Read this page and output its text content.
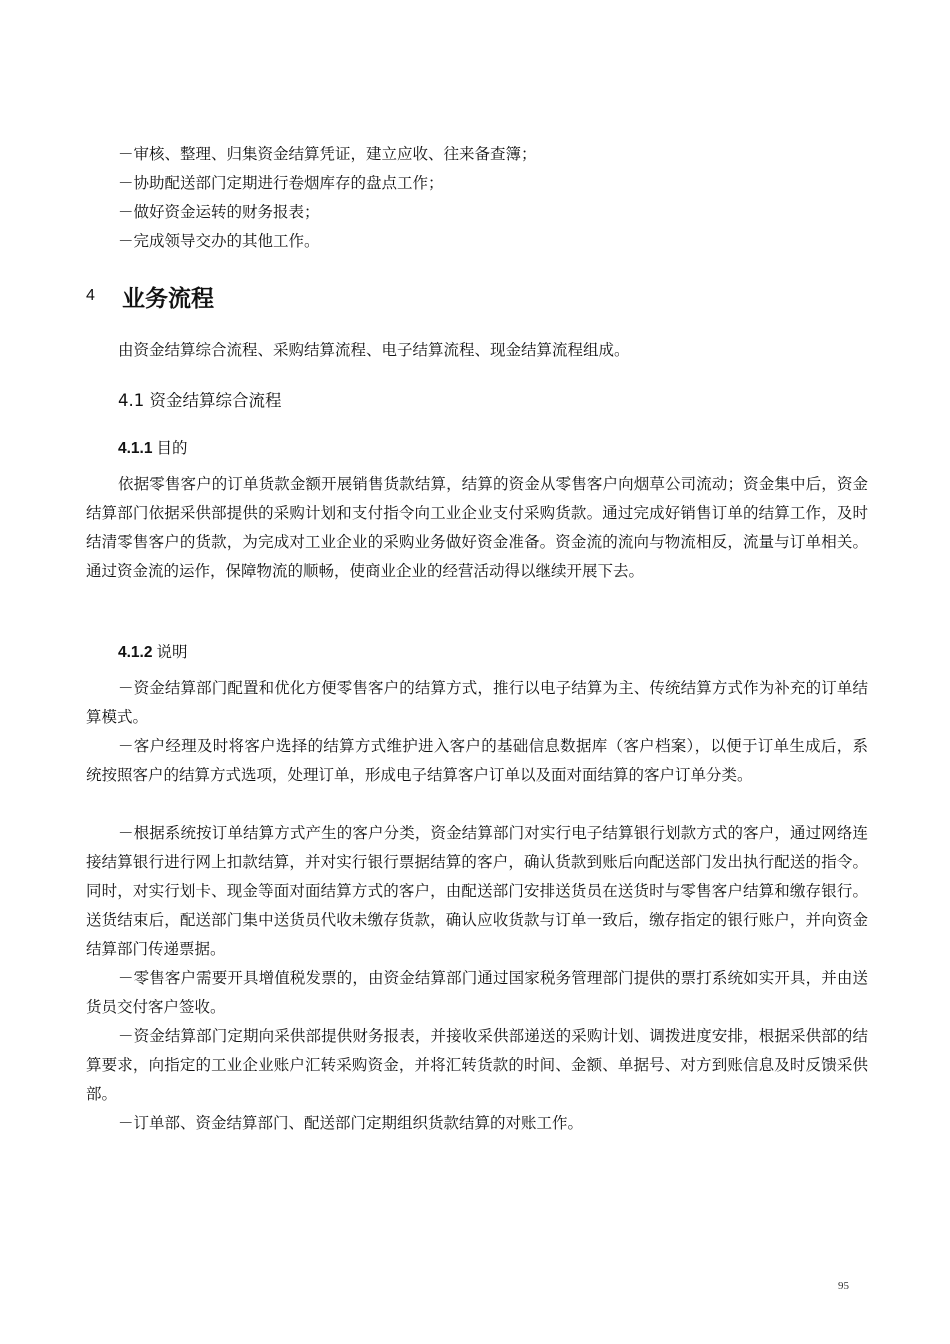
－审核、整理、归集资金结算凭证，建立应收、往来备查簿；
－协助配送部门定期进行卷烟库存的盘点工作；
－做好资金运转的财务报表；
－完成领导交办的其他工作。
4	业务流程
由资金结算综合流程、采购结算流程、电子结算流程、现金结算流程组成。
4.1 资金结算综合流程
4.1.1 目的

依据零售客户的订单货款金额开展销售货款结算，结算的资金从零售客户向烟草公司流动；资金集中后，资金结算部门依据采供部提供的采购计划和支付指令向工业企业支付采购货款。通过完成好销售订单的结算工作，及时结清零售客户的货款，为完成对工业企业的采购业务做好资金准备。资金流的流向与物流相反，流量与订单相关。通过资金流的运作，保障物流的顺畅，使商业企业的经营活动得以继续开展下去。

4.1.2 说明

－资金结算部门配置和优化方便零售客户的结算方式，推行以电子结算为主、传统结算方式作为补充的订单结算模式。

－客户经理及时将客户选择的结算方式维护进入客户的基础信息数据库（客户档案），以便于订单生成后，系统按照客户的结算方式选项，处理订单，形成电子结算客户订单以及面对面结算的客户订单分类。

－根据系统按订单结算方式产生的客户分类，资金结算部门对实行电子结算银行划款方式的客户，通过网络连接结算银行进行网上扣款结算，并对实行银行票据结算的客户，确认货款到账后向配送部门发出执行配送的指令。同时，对实行划卡、现金等面对面结算方式的客户，由配送部门安排送货员在送货时与零售客户结算和缴存银行。送货结束后，配送部门集中送货员代收未缴存货款，确认应收货款与订单一致后，缴存指定的银行账户，并向资金结算部门传递票据。

－零售客户需要开具增值税发票的，由资金结算部门通过国家税务管理部门提供的票打系统如实开具，并由送货员交付客户签收。

－资金结算部门定期向采供部提供财务报表，并接收采供部递送的采购计划、调拨进度安排，根据采供部的结算要求，向指定的工业企业账户汇转采购资金，并将汇转货款的时间、金额、单据号、对方到账信息及时反馈采供部。

－订单部、资金结算部门、配送部门定期组织货款结算的对账工作。

95
